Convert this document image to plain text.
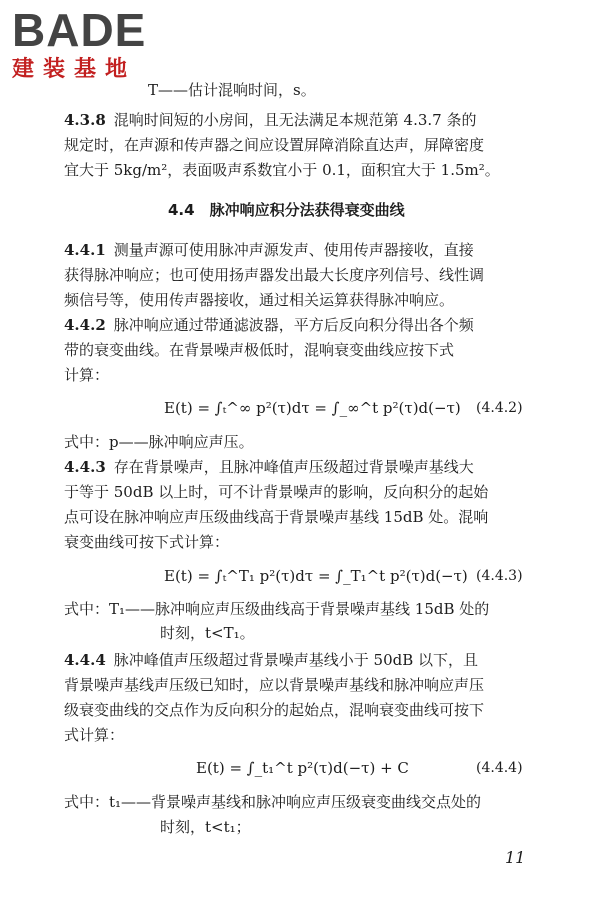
BADE
建装基地
T——估计混响时间，s。
4.3.8 混响时间短的小房间，且无法满足本规范第 4.3.7 条的
规定时，在声源和传声器之间应设置屏障消除直达声，屏障密度
宜大于 5kg/m²，表面吸声系数宜小于 0.1，面积宜大于 1.5m²。
4.4　脉冲响应积分法获得衰变曲线
4.4.1 测量声源可使用脉冲声源发声、使用传声器接收，直接
获得脉冲响应；也可使用扬声器发出最大长度序列信号、线性调
频信号等，使用传声器接收，通过相关运算获得脉冲响应。
4.4.2 脉冲响应通过带通滤波器，平方后反向积分得出各个频
带的衰变曲线。在背景噪声极低时，混响衰变曲线应按下式
计算：
E(t) = ∫ₜ^∞ p²(τ)dτ = ∫_∞^t p²(τ)d(−τ) (4.4.2)
式中：p——脉冲响应声压。
4.4.3 存在背景噪声，且脉冲峰值声压级超过背景噪声基线大
于等于 50dB 以上时，可不计背景噪声的影响，反向积分的起始
点可设在脉冲响应声压级曲线高于背景噪声基线 15dB 处。混响
衰变曲线可按下式计算：
E(t) = ∫ₜ^T₁ p²(τ)dτ = ∫_T₁^t p²(τ)d(−τ) (4.4.3)
式中：T₁——脉冲响应声压级曲线高于背景噪声基线 15dB 处的
时刻，t<T₁。
4.4.4 脉冲峰值声压级超过背景噪声基线小于 50dB 以下，且
背景噪声基线声压级已知时，应以背景噪声基线和脉冲响应声压
级衰变曲线的交点作为反向积分的起始点，混响衰变曲线可按下
式计算：
E(t) = ∫_t₁^t p²(τ)d(−τ) + C	(4.4.4)
式中：t₁——背景噪声基线和脉冲响应声压级衰变曲线交点处的
时刻，t<t₁；
11
